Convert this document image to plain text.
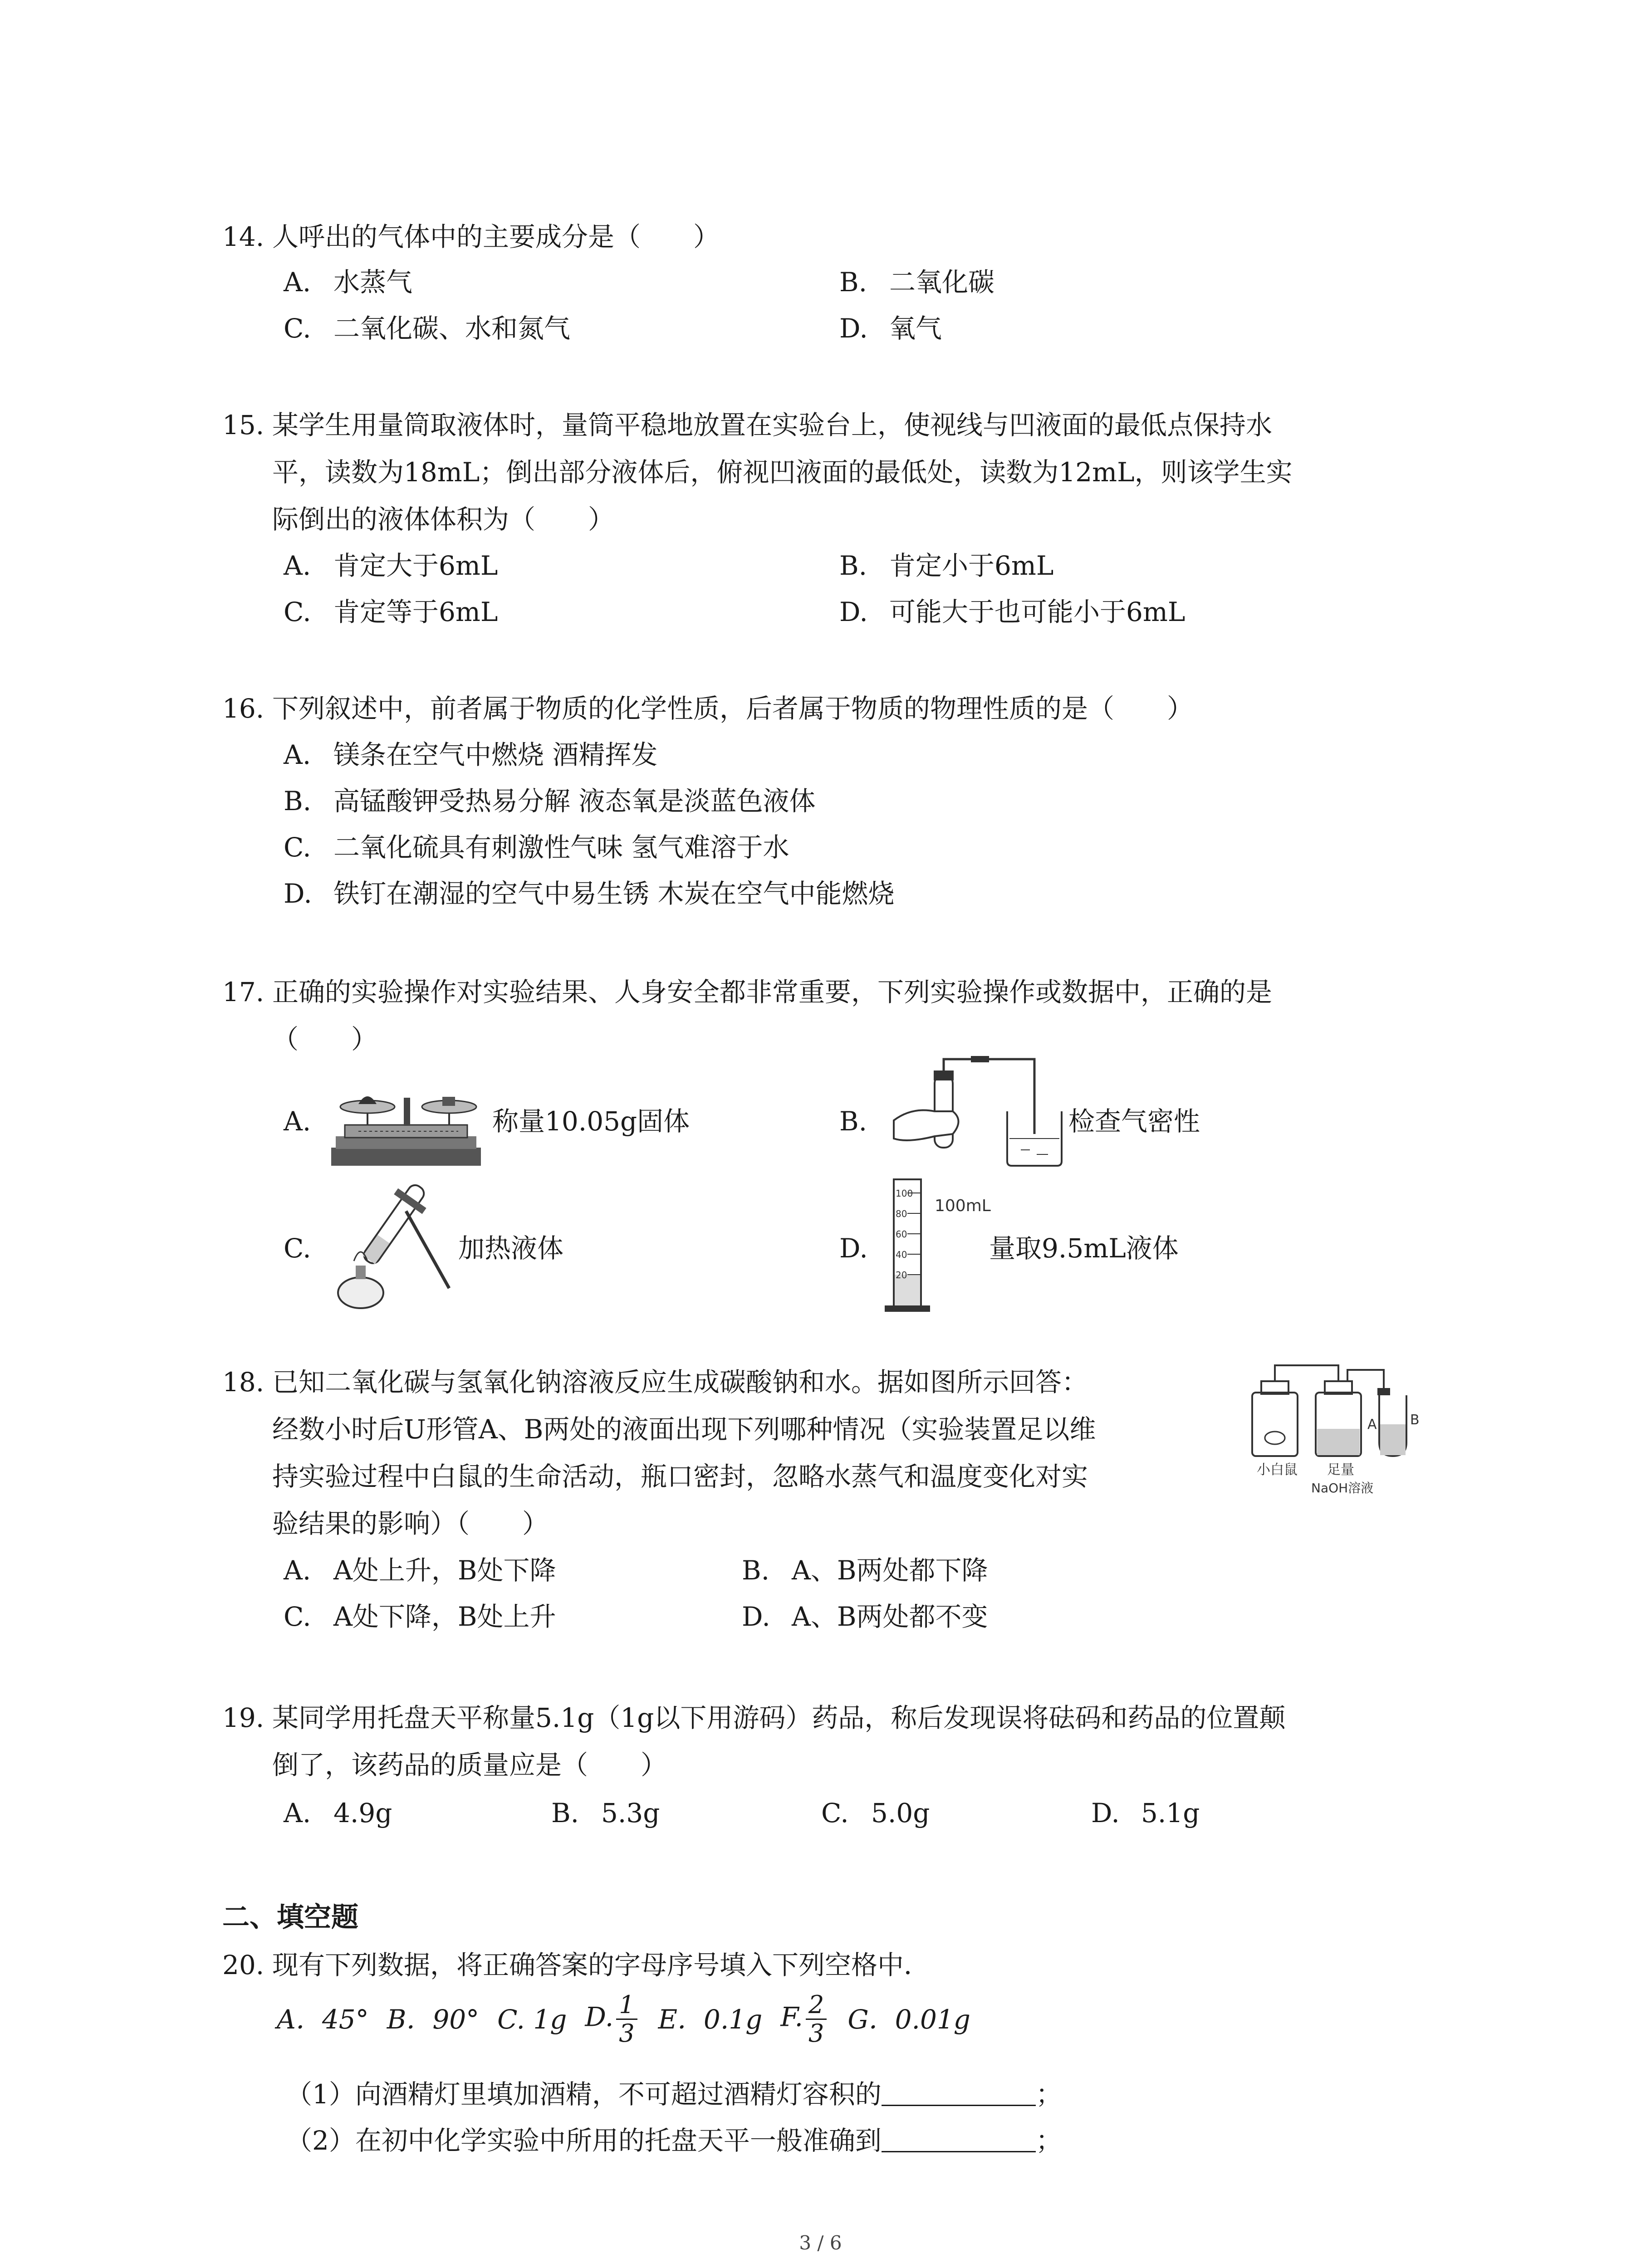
14. 人呼出的气体中的主要成分是（　　）
A. 水蒸气	B. 二氧化碳
C. 二氧化碳、水和氮气	D. 氧气
15. 某学生用量筒取液体时，量筒平稳地放置在实验台上，使视线与凹液面的最低点保持水
平，读数为18mL；倒出部分液体后，俯视凹液面的最低处，读数为12mL，则该学生实
际倒出的液体体积为（　　）
A. 肯定大于6mL	B. 肯定小于6mL
C. 肯定等于6mL	D. 可能大于也可能小于6mL
16. 下列叙述中，前者属于物质的化学性质，后者属于物质的物理性质的是（　　）
A. 镁条在空气中燃烧 酒精挥发
B. 高锰酸钾受热易分解 液态氧是淡蓝色液体
C. 二氧化硫具有刺激性气味 氢气难溶于水
D. 铁钉在潮湿的空气中易生锈 木炭在空气中能燃烧
17. 正确的实验操作对实验结果、人身安全都非常重要，下列实验操作或数据中，正确的是
（　　）
A.	称量10.05g固体	B.	检查气密性
C.	加热液体	D.
100
80
60
40
20
100mL
量取9.5mL液体
18. 已知二氧化碳与氢氧化钠溶液反应生成碳酸钠和水。据如图所示回答：
经数小时后U形管A、B两处的液面出现下列哪种情况（实验装置足以维
持实验过程中白鼠的生命活动，瓶口密封，忽略水蒸气和温度变化对实
验结果的影响）（　　）
A B
小白鼠 足量
NaOH溶液
A. A处上升，B处下降	B. A、B两处都下降
C. A处下降，B处上升	D. A、B两处都不变
19. 某同学用托盘天平称量5.1g（1g以下用游码）药品，称后发现误将砝码和药品的位置颠
倒了，该药品的质量应是（　　）
A. 4.9g	B. 5.3g	C. 5.0g	D. 5.1g
二、填空题
20. 现有下列数据，将正确答案的字母序号填入下列空格中．
A．45° B．90° C. 1g D. $\frac{1}{3}$ E．0.1g F. $\frac{2}{3}$ G．0.01g
（1）向酒精灯里填加酒精，不可超过酒精灯容积的	；
（2）在初中化学实验中所用的托盘天平一般准确到	；
3 / 6
